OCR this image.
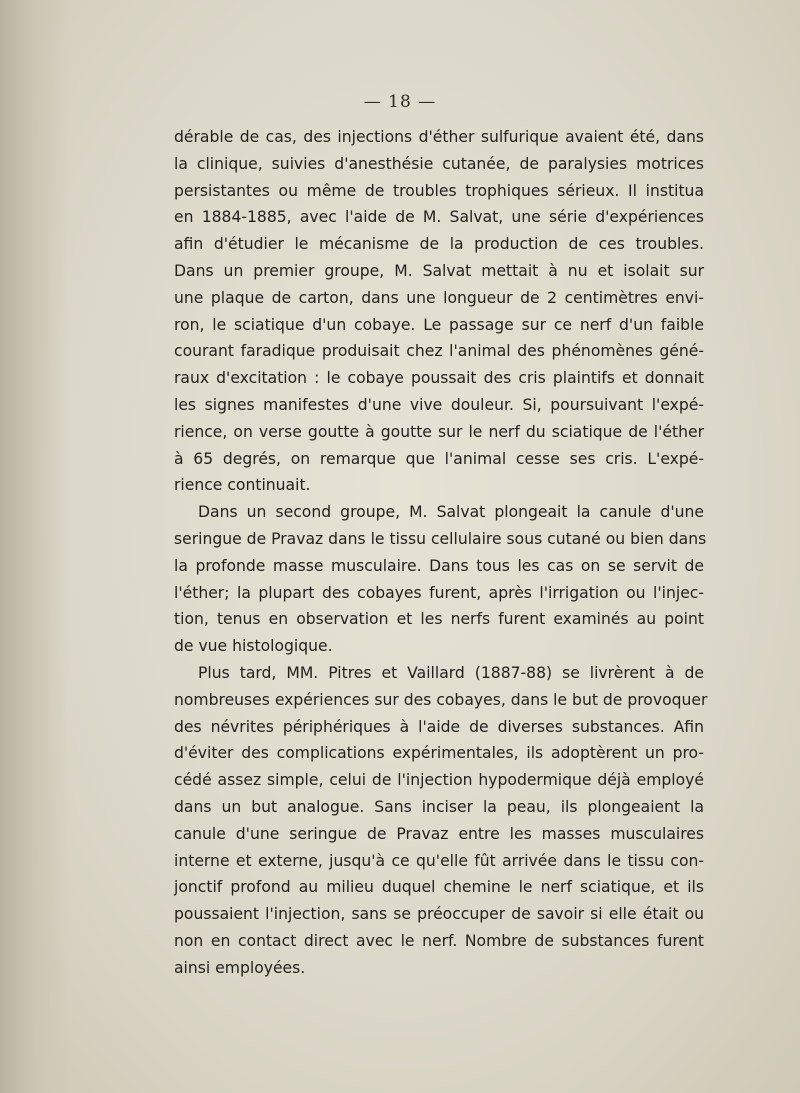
— 18 —
dérable de cas, des injections d'éther sulfurique avaient été, dans
la clinique, suivies d'anesthésie cutanée, de paralysies motrices
persistantes ou même de troubles trophiques sérieux. Il institua
en 1884-1885, avec l'aide de M. Salvat, une série d'expériences
afin d'étudier le mécanisme de la production de ces troubles.
Dans un premier groupe, M. Salvat mettait à nu et isolait sur
une plaque de carton, dans une longueur de 2 centimètres envi-
ron, le sciatique d'un cobaye. Le passage sur ce nerf d'un faible
courant faradique produisait chez l'animal des phénomènes géné-
raux d'excitation : le cobaye poussait des cris plaintifs et donnait
les signes manifestes d'une vive douleur. Si, poursuivant l'expé-
rience, on verse goutte à goutte sur le nerf du sciatique de l'éther
à 65 degrés, on remarque que l'animal cesse ses cris. L'expé-
rience continuait.
Dans un second groupe, M. Salvat plongeait la canule d'une
seringue de Pravaz dans le tissu cellulaire sous cutané ou bien dans
la profonde masse musculaire. Dans tous les cas on se servit de
l'éther; la plupart des cobayes furent, après l'irrigation ou l'injec-
tion, tenus en observation et les nerfs furent examinés au point
de vue histologique.
Plus tard, MM. Pitres et Vaillard (1887-88) se livrèrent à de
nombreuses expériences sur des cobayes, dans le but de provoquer
des névrites périphériques à l'aide de diverses substances. Afin
d'éviter des complications expérimentales, ils adoptèrent un pro-
cédé assez simple, celui de l'injection hypodermique déjà employé
dans un but analogue. Sans inciser la peau, ils plongeaient la
canule d'une seringue de Pravaz entre les masses musculaires
interne et externe, jusqu'à ce qu'elle fût arrivée dans le tissu con-
jonctif profond au milieu duquel chemine le nerf sciatique, et ils
poussaient l'injection, sans se préoccuper de savoir si elle était ou
non en contact direct avec le nerf. Nombre de substances furent
ainsi employées.
